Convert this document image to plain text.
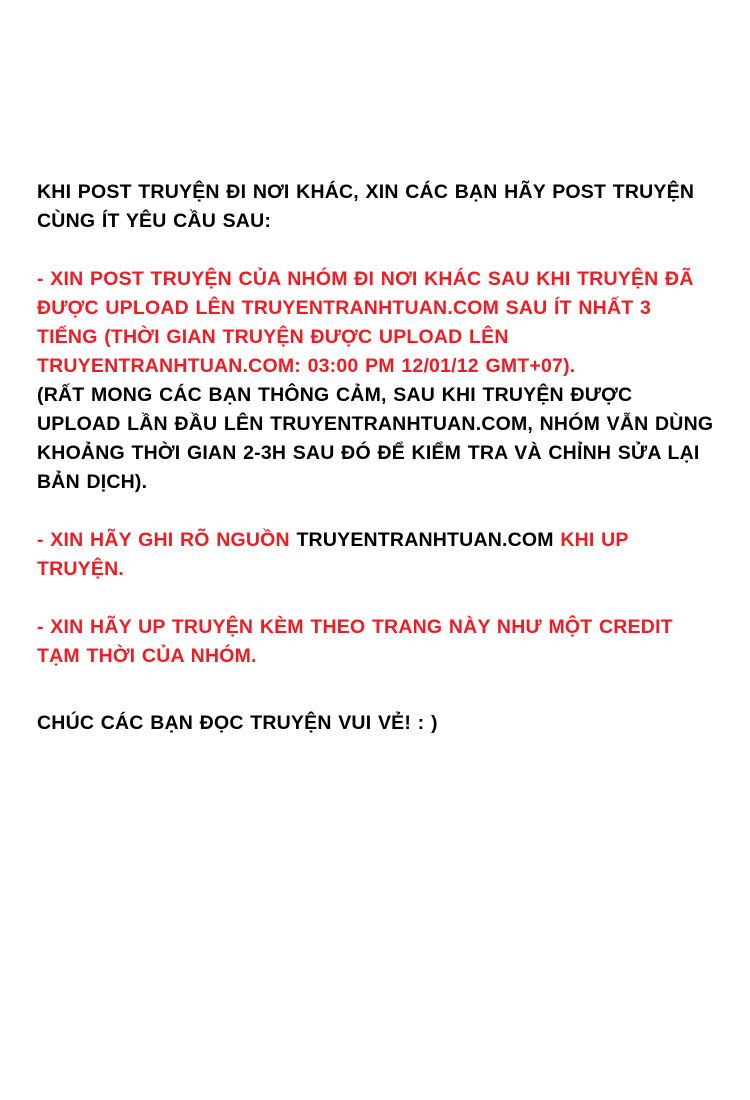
KHI POST TRUYỆN ĐI NƠI KHÁC, XIN CÁC BẠN HÃY POST TRUYỆN CÙNG ÍT YÊU CẦU SAU:

- XIN POST TRUYỆN CỦA NHÓM ĐI NƠI KHÁC SAU KHI TRUYỆN ĐÃ ĐƯỢC UPLOAD LÊN TRUYENTRANHTUAN.COM SAU ÍT NHẤT 3 TIẾNG (THỜI GIAN TRUYỆN ĐƯỢC UPLOAD LÊN TRUYENTRANHTUAN.COM: 03:00 PM 12/01/12 GMT+07).

(RẤT MONG CÁC BẠN THÔNG CẢM, SAU KHI TRUYỆN ĐƯỢC UPLOAD LẦN ĐẦU LÊN TRUYENTRANHTUAN.COM, NHÓM VẪN DÙNG KHOẢNG THỜI GIAN 2-3H SAU ĐÓ ĐỂ KIỂM TRA VÀ CHỈNH SỬA LẠI BẢN DỊCH).

- XIN HÃY GHI RÕ NGUỒN TRUYENTRANHTUAN.COM KHI UP TRUYỆN.

- XIN HÃY UP TRUYỆN KÈM THEO TRANG NÀY NHƯ MỘT CREDIT TẠM THỜI CỦA NHÓM.

CHÚC CÁC BẠN ĐỌC TRUYỆN VUI VẺ! : )
